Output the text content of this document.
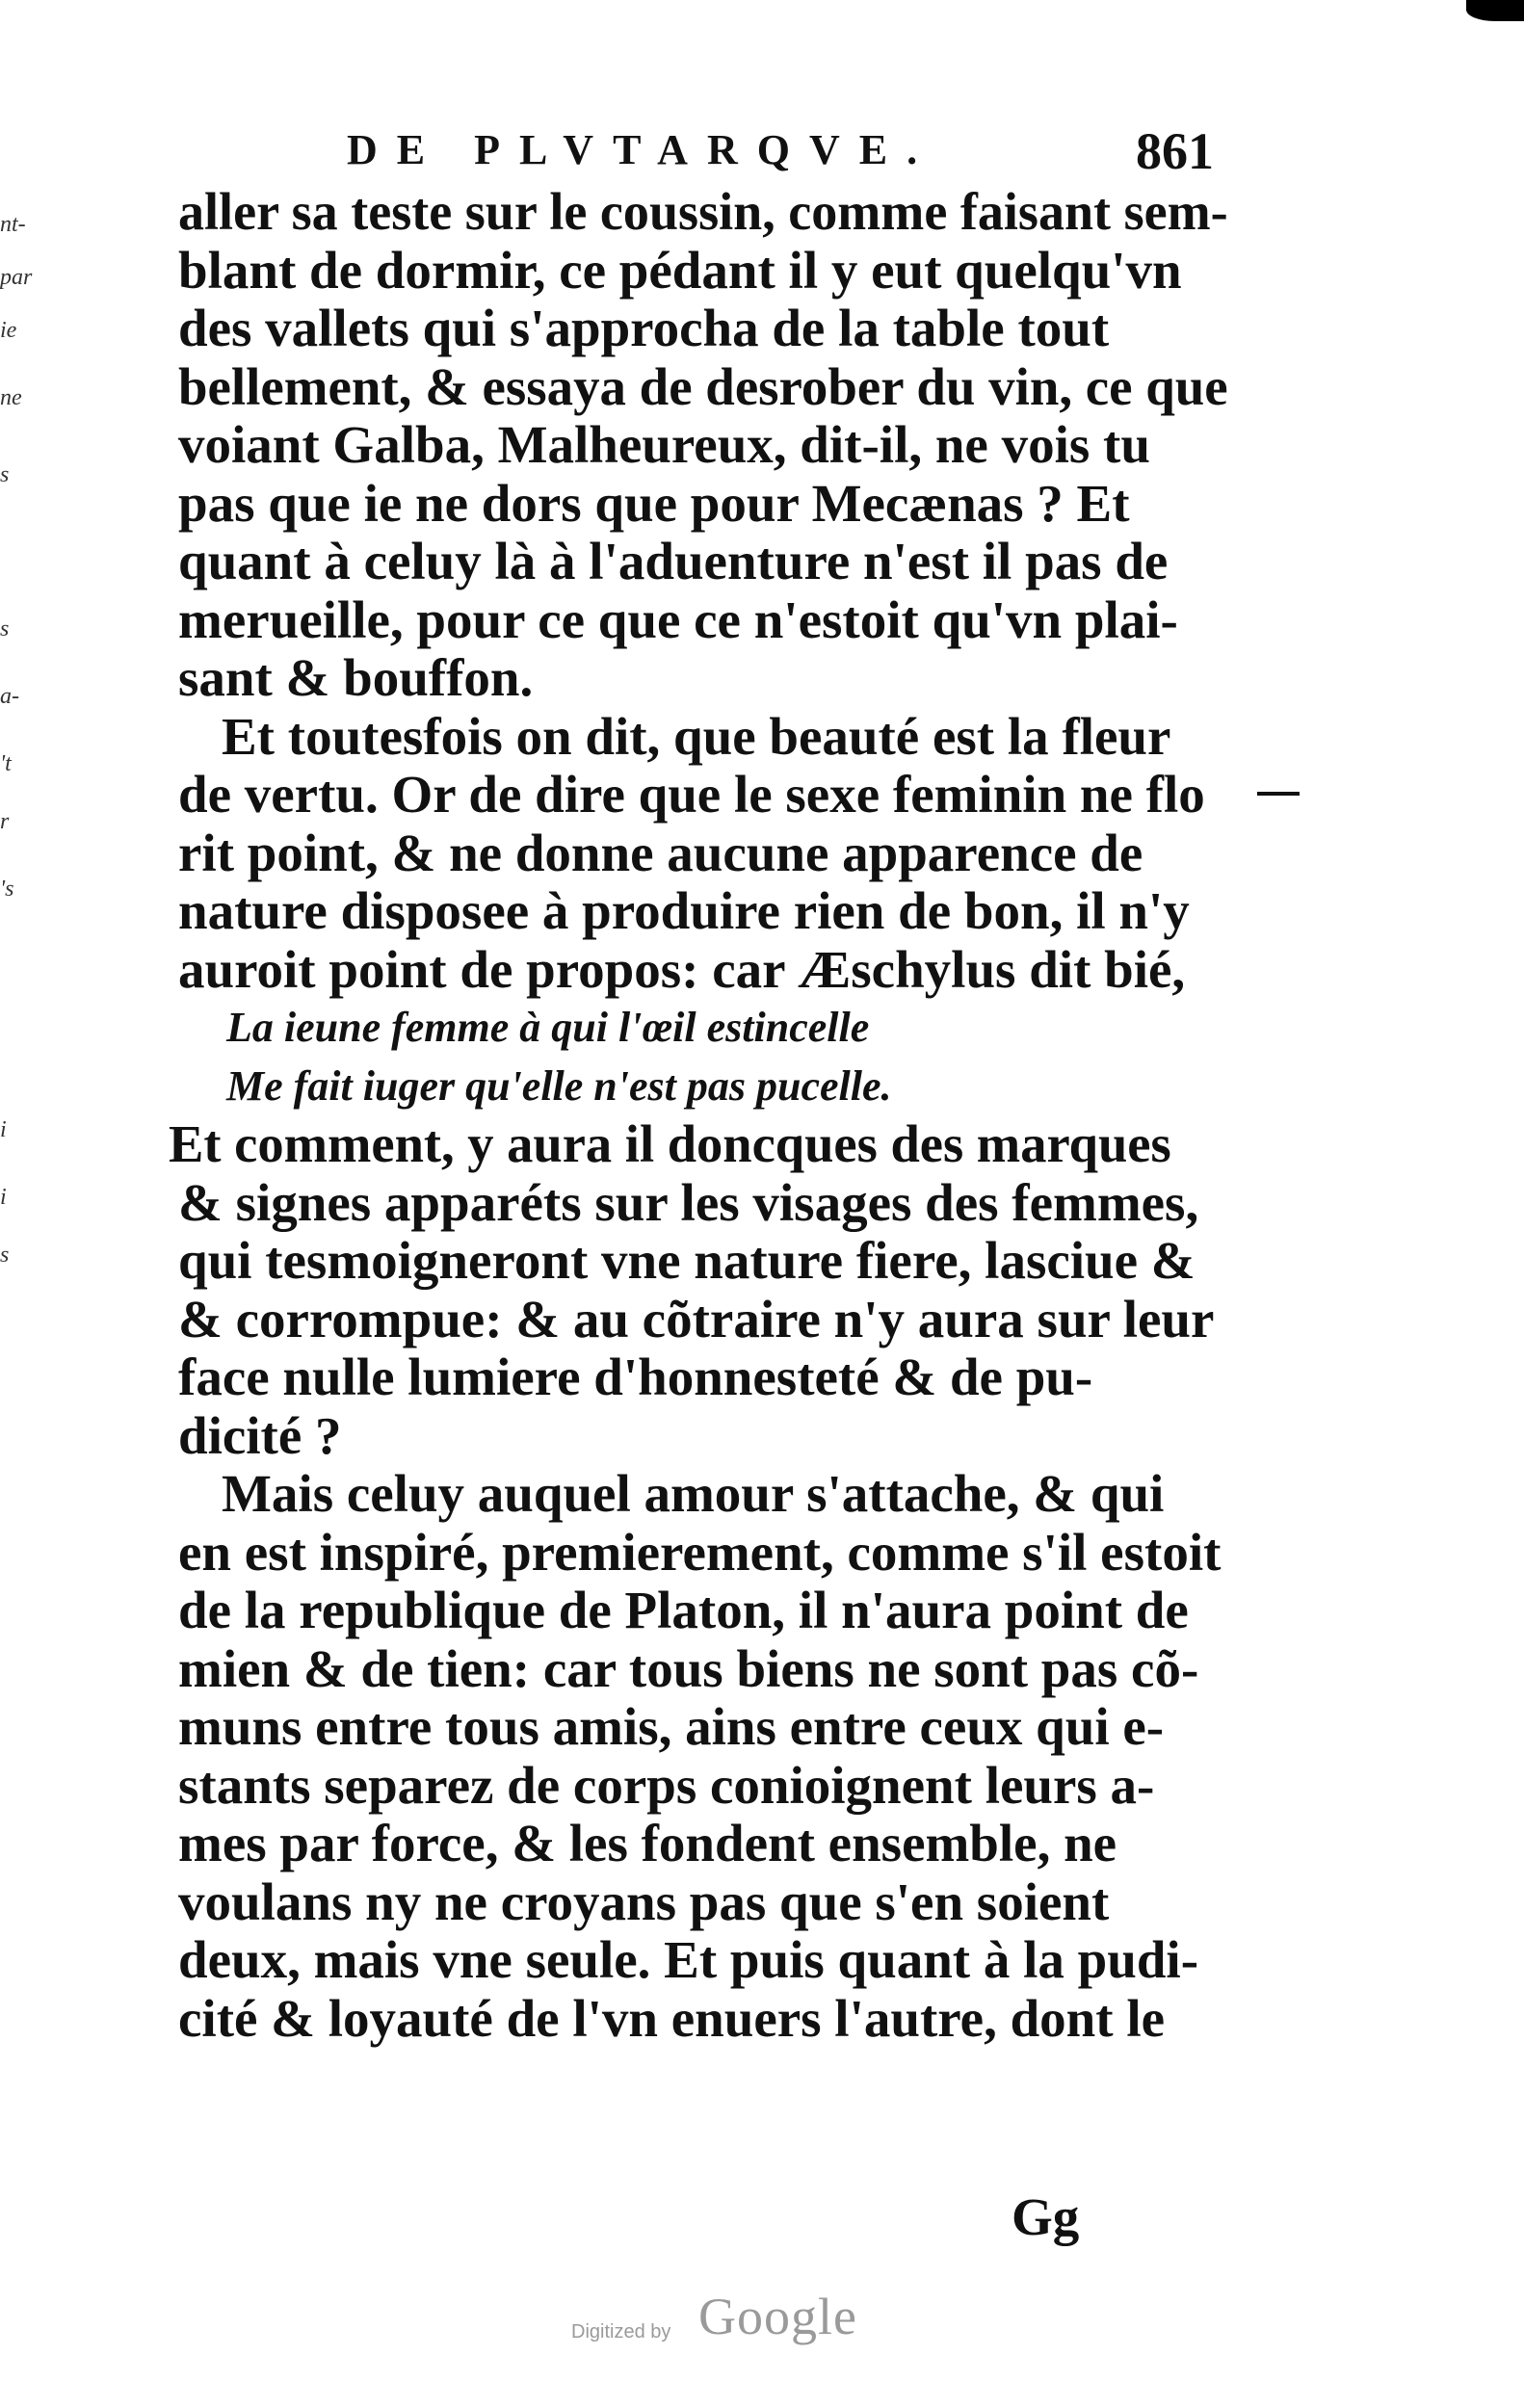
nt-
par
ie
ne
s
s
a-
't
r
's
i
i
s
DE PLVTARQVE.	861
aller sa teste sur le coussin, comme faisant sem-
blant de dormir, ce pédant il y eut quelqu'vn
des vallets qui s'approcha de la table tout
bellement, & essaya de desrober du vin, ce que
voiant Galba, Malheureux, dit-il, ne vois tu
pas que ie ne dors que pour Mecænas ? Et
quant à celuy là à l'aduenture n'est il pas de
merueille, pour ce que ce n'estoit qu'vn plai-
sant & bouffon.
Et toutesfois on dit, que beauté est la fleur
de vertu. Or de dire que le sexe feminin ne flo
rit point, & ne donne aucune apparence de
nature disposee à produire rien de bon, il n'y
auroit point de propos: car Æschylus dit bié,
La ieune femme à qui l'œil estincelle
Me fait iuger qu'elle n'est pas pucelle.
Et comment, y aura il doncques des marques
& signes apparéts sur les visages des femmes,
qui tesmoigneront vne nature fiere, lasciue &
& corrompue: & au cõtraire n'y aura sur leur
face nulle lumiere d'honnesteté & de pu-
dicité ?
Mais celuy auquel amour s'attache, & qui
en est inspiré, premierement, comme s'il estoit
de la republique de Platon, il n'aura point de
mien & de tien: car tous biens ne sont pas cõ-
muns entre tous amis, ains entre ceux qui e-
stants separez de corps conioignent leurs a-
mes par force, & les fondent ensemble, ne
voulans ny ne croyans pas que s'en soient
deux, mais vne seule. Et puis quant à la pudi-
cité & loyauté de l'vn enuers l'autre, dont le
Gg
Digitized by Google
